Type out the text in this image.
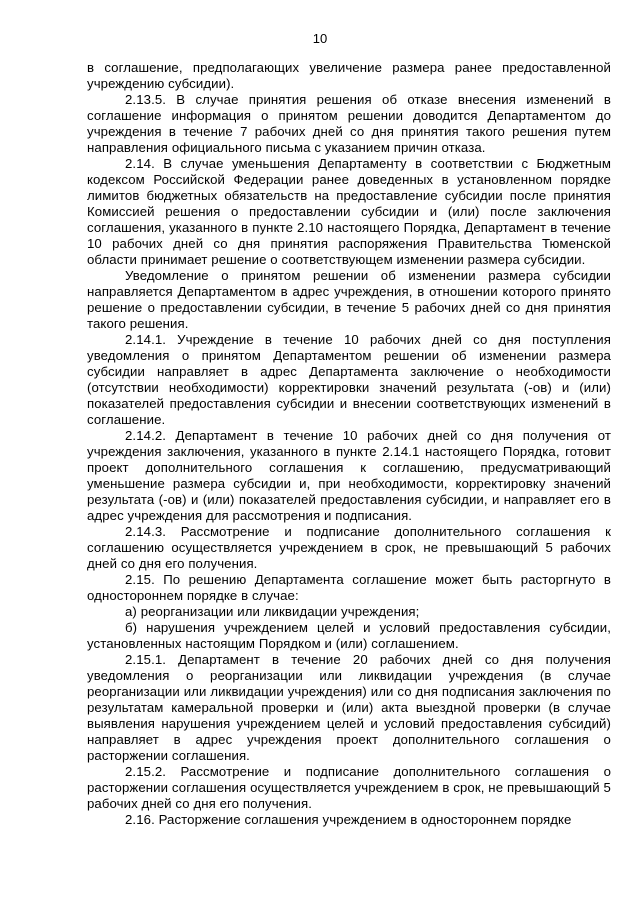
10

в соглашение, предполагающих увеличение размера ранее предоставленной учреждению субсидии).

2.13.5. В случае принятия решения об отказе внесения изменений в соглашение информация о принятом решении доводится Департаментом до учреждения в течение 7 рабочих дней со дня принятия такого решения путем направления официального письма с указанием причин отказа.

2.14. В случае уменьшения Департаменту в соответствии с Бюджетным кодексом Российской Федерации ранее доведенных в установленном порядке лимитов бюджетных обязательств на предоставление субсидии после принятия Комиссией решения о предоставлении субсидии и (или) после заключения соглашения, указанного в пункте 2.10 настоящего Порядка, Департамент в течение 10 рабочих дней со дня принятия распоряжения Правительства Тюменской области принимает решение о соответствующем изменении размера субсидии.

Уведомление о принятом решении об изменении размера субсидии направляется Департаментом в адрес учреждения, в отношении которого принято решение о предоставлении субсидии, в течение 5 рабочих дней со дня принятия такого решения.

2.14.1. Учреждение в течение 10 рабочих дней со дня поступления уведомления о принятом Департаментом решении об изменении размера субсидии направляет в адрес Департамента заключение о необходимости (отсутствии необходимости) корректировки значений результата (-ов) и (или) показателей предоставления субсидии и внесении соответствующих изменений в соглашение.

2.14.2. Департамент в течение 10 рабочих дней со дня получения от учреждения заключения, указанного в пункте 2.14.1 настоящего Порядка, готовит проект дополнительного соглашения к соглашению, предусматривающий уменьшение размера субсидии и, при необходимости, корректировку значений результата (-ов) и (или) показателей предоставления субсидии, и направляет его в адрес учреждения для рассмотрения и подписания.

2.14.3. Рассмотрение и подписание дополнительного соглашения к соглашению осуществляется учреждением в срок, не превышающий 5 рабочих дней со дня его получения.

2.15. По решению Департамента соглашение может быть расторгнуто в одностороннем порядке в случае:

а) реорганизации или ликвидации учреждения;

б) нарушения учреждением целей и условий предоставления субсидии, установленных настоящим Порядком и (или) соглашением.

2.15.1. Департамент в течение 20 рабочих дней со дня получения уведомления о реорганизации или ликвидации учреждения (в случае реорганизации или ликвидации учреждения) или со дня подписания заключения по результатам камеральной проверки и (или) акта выездной проверки (в случае выявления нарушения учреждением целей и условий предоставления субсидий) направляет в адрес учреждения проект дополнительного соглашения о расторжении соглашения.

2.15.2. Рассмотрение и подписание дополнительного соглашения о расторжении соглашения осуществляется учреждением в срок, не превышающий 5 рабочих дней со дня его получения.

2.16. Расторжение соглашения учреждением в одностороннем порядке
